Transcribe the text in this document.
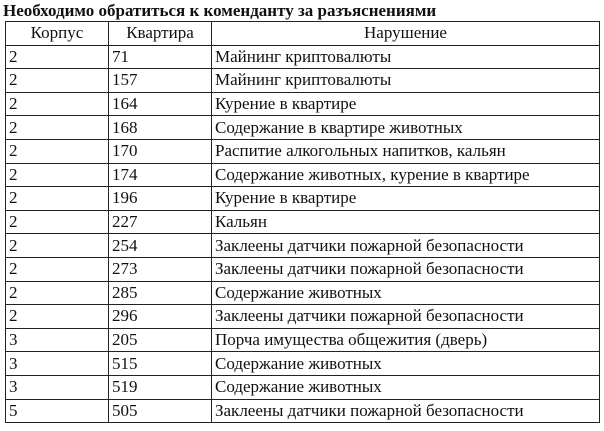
Необходимо обратиться к коменданту за разъяснениями
Корпус	Квартира	Нарушение
2	71	Майнинг криптовалюты
2	157	Майнинг криптовалюты
2	164	Курение в квартире
2	168	Содержание в квартире животных
2	170	Распитие алкогольных напитков, кальян
2	174	Содержание животных, курение в квартире
2	196	Курение в квартире
2	227	Кальян
2	254	Заклеены датчики пожарной безопасности
2	273	Заклеены датчики пожарной безопасности
2	285	Содержание животных
2	296	Заклеены датчики пожарной безопасности
3	205	Порча имущества общежития (дверь)
3	515	Содержание животных
3	519	Содержание животных
5	505	Заклеены датчики пожарной безопасности
